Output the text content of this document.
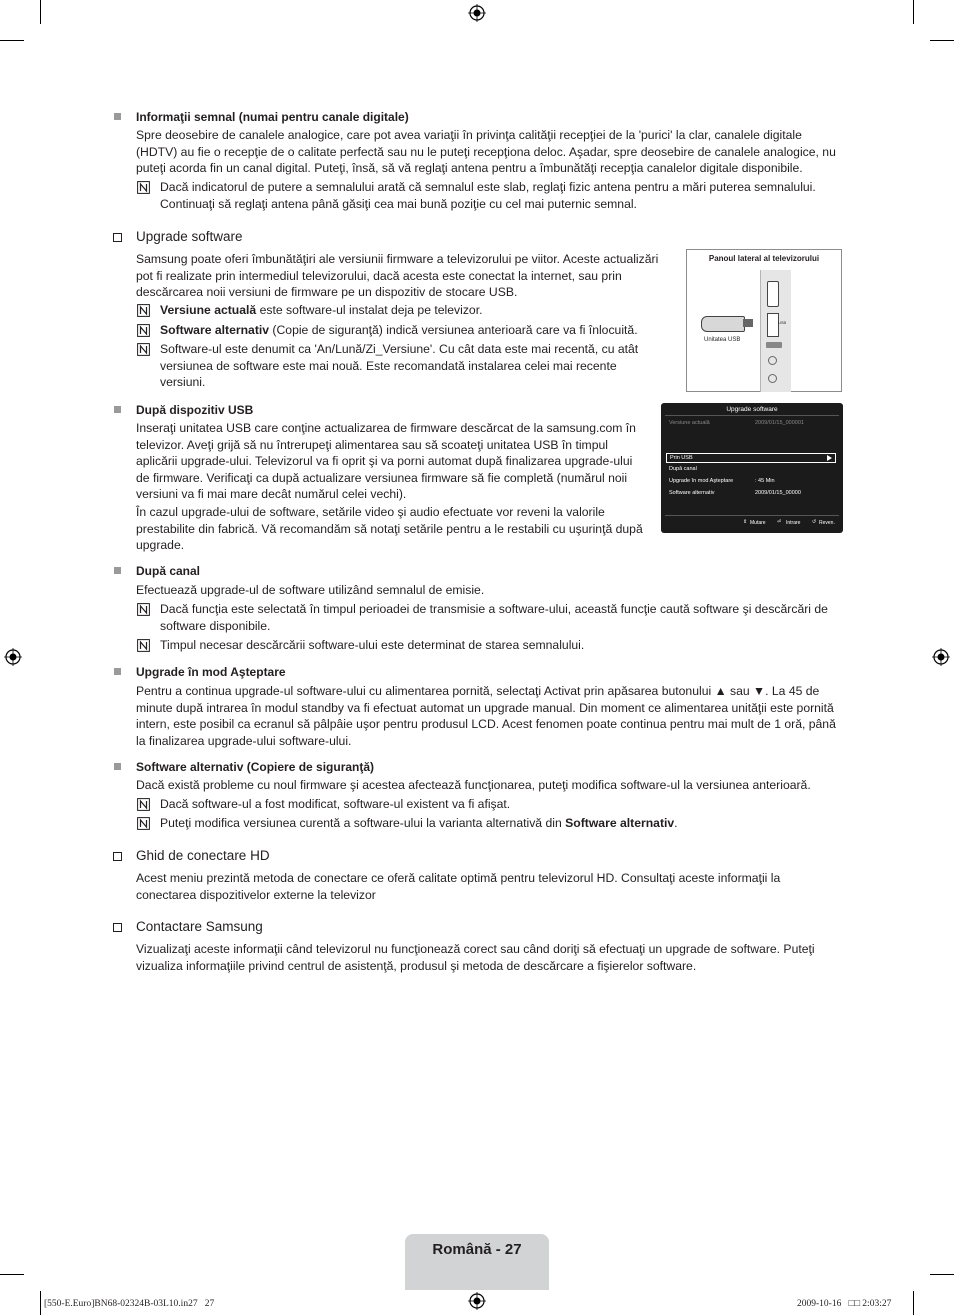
Informaţii semnal (numai pentru canale digitale)
Spre deosebire de canalele analogice, care pot avea variaţii în privinţa calităţii recepţiei de la 'purici' la clar, canalele digitale (HDTV) au fie o recepţie de o calitate perfectă sau nu le puteţi recepţiona deloc. Aşadar, spre deosebire de canalele analogice, nu puteţi acorda fin un canal digital. Puteţi, însă, să vă reglaţi antena pentru a îmbunătăţi recepţia canalelor digitale disponibile.
Dacă indicatorul de putere a semnalului arată că semnalul este slab, reglaţi fizic antena pentru a mări puterea semnalului. Continuaţi să reglaţi antena până găsiţi cea mai bună poziţie cu cel mai puternic semnal.
Upgrade software
Samsung poate oferi îmbunătăţiri ale versiunii firmware a televizorului pe viitor. Aceste actualizări pot fi realizate prin intermediul televizorului, dacă acesta este conectat la internet, sau prin descărcarea noii versiuni de firmware pe un dispozitiv de stocare USB.
Versiune actuală este software-ul instalat deja pe televizor.
Software alternativ (Copie de siguranţă) indică versiunea anterioară care va fi înlocuită.
Software-ul este denumit ca 'An/Lună/Zi_Versiune'. Cu cât data este mai recentă, cu atât versiunea de software este mai nouă. Este recomandată instalarea celei mai recente versiuni.
Panoul lateral al televizorului
USB
Unitatea USB
Upgrade software
Versiune actuală	2009/01/15_000001
Prin USB
După canal
Upgrade în mod Aşteptare	: 45 Min
Software alternativ	2009/01/15_00000
⇕ Mutare ⏎ Intrare ↺ Reven.
După dispozitiv USB
Inseraţi unitatea USB care conţine actualizarea de firmware descărcat de la samsung.com în televizor. Aveţi grijă să nu întrerupeţi alimentarea sau să scoateţi unitatea USB în timpul aplicării upgrade-ului. Televizorul va fi oprit şi va porni automat după finalizarea upgrade-ului de firmware. Verificaţi ca după actualizare versiunea firmware să fie completă (numărul noii versiuni va fi mai mare decât numărul celei vechi).
În cazul upgrade-ului de software, setările video şi audio efectuate vor reveni la valorile prestabilite din fabrică. Vă recomandăm să notaţi setările pentru a le restabili cu uşurinţă după upgrade.
După canal
Efectuează upgrade-ul de software utilizând semnalul de emisie.
Dacă funcţia este selectată în timpul perioadei de transmisie a software-ului, această funcţie caută software şi descărcări de software disponibile.
Timpul necesar descărcării software-ului este determinat de starea semnalului.
Upgrade în mod Aşteptare
Pentru a continua upgrade-ul software-ului cu alimentarea pornită, selectaţi Activat prin apăsarea butonului ▲ sau ▼. La 45 de minute după intrarea în modul standby va fi efectuat automat un upgrade manual. Din moment ce alimentarea unităţii este pornită intern, este posibil ca ecranul să pâlpâie uşor pentru produsul LCD. Acest fenomen poate continua pentru mai mult de 1 oră, până la finalizarea upgrade-ului software-ului.
Software alternativ (Copiere de siguranţă)
Dacă există probleme cu noul firmware şi acestea afectează funcţionarea, puteţi modifica software-ul la versiunea anterioară.
Dacă software-ul a fost modificat, software-ul existent va fi afişat.
Puteţi modifica versiunea curentă a software-ului la varianta alternativă din Software alternativ.
Ghid de conectare HD
Acest meniu prezintă metoda de conectare ce oferă calitate optimă pentru televizorul HD. Consultaţi aceste informaţii la conectarea dispozitivelor externe la televizor
Contactare Samsung
Vizualizaţi aceste informaţii când televizorul nu funcţionează corect sau când doriţi să efectuaţi un upgrade de software. Puteţi vizualiza informaţiile privind centrul de asistenţă, produsul şi metoda de descărcare a fişierelor software.
Română - 27
[550-E.Euro]BN68-02324B-03L10.in27   27	2009-10-16   □□ 2:03:27
